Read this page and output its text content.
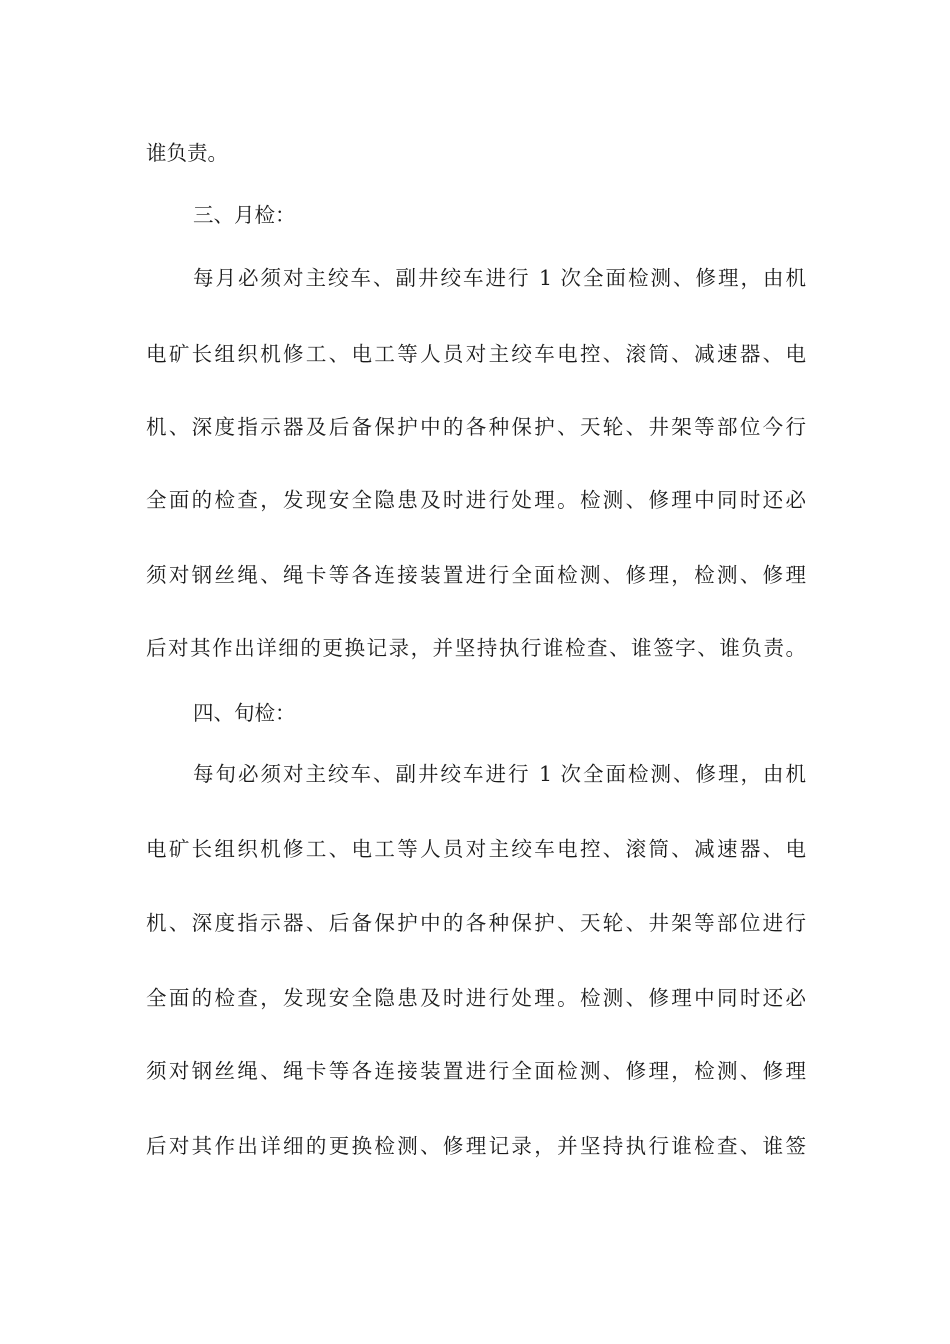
谁负责。
三、月检：
每月必须对主绞车、副井绞车进行 1 次全面检测、修理，由机
电矿长组织机修工、电工等人员对主绞车电控、滚筒、减速器、电
机、深度指示器及后备保护中的各种保护、天轮、井架等部位今行
全面的检查，发现安全隐患及时进行处理。检测、修理中同时还必
须对钢丝绳、绳卡等各连接装置进行全面检测、修理，检测、修理
后对其作出详细的更换记录，并坚持执行谁检查、谁签字、谁负责。
四、旬检：
每旬必须对主绞车、副井绞车进行 1 次全面检测、修理，由机
电矿长组织机修工、电工等人员对主绞车电控、滚筒、减速器、电
机、深度指示器、后备保护中的各种保护、天轮、井架等部位进行
全面的检查，发现安全隐患及时进行处理。检测、修理中同时还必
须对钢丝绳、绳卡等各连接装置进行全面检测、修理，检测、修理
后对其作出详细的更换检测、修理记录，并坚持执行谁检查、谁签
